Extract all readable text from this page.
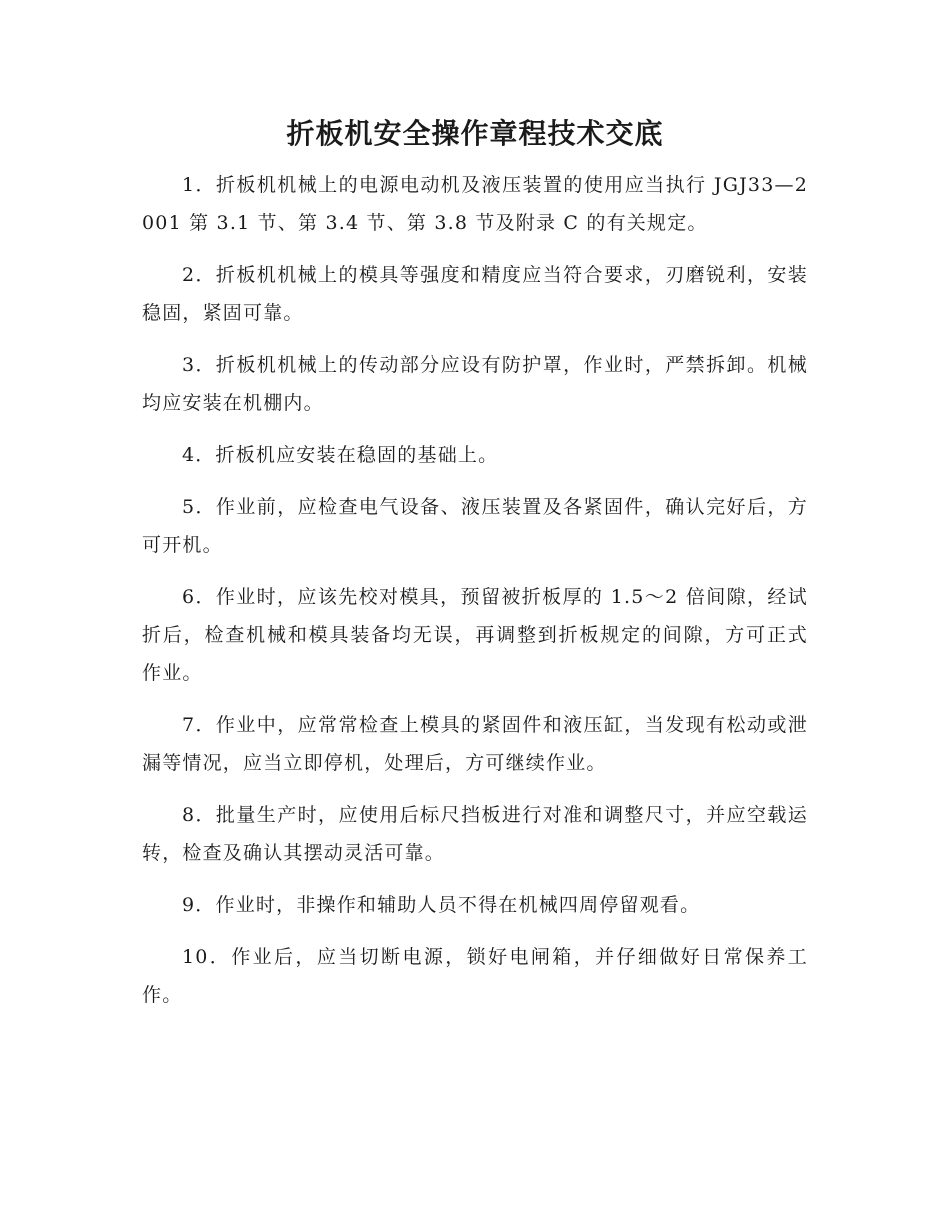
折板机安全操作章程技术交底

1．折板机机械上的电源电动机及液压装置的使用应当执行 JGJ33—2001 第 3.1 节、第 3.4 节、第 3.8 节及附录 C 的有关规定。

2．折板机机械上的模具等强度和精度应当符合要求，刃磨锐利，安装稳固，紧固可靠。

3．折板机机械上的传动部分应设有防护罩，作业时，严禁拆卸。机械均应安装在机棚内。

4．折板机应安装在稳固的基础上。

5．作业前，应检查电气设备、液压装置及各紧固件，确认完好后，方可开机。

6．作业时，应该先校对模具，预留被折板厚的 1.5～2 倍间隙，经试折后，检查机械和模具装备均无误，再调整到折板规定的间隙，方可正式作业。

7．作业中，应常常检查上模具的紧固件和液压缸，当发现有松动或泄漏等情况，应当立即停机，处理后，方可继续作业。

8．批量生产时，应使用后标尺挡板进行对准和调整尺寸，并应空载运转，检查及确认其摆动灵活可靠。

9．作业时，非操作和辅助人员不得在机械四周停留观看。

10．作业后，应当切断电源，锁好电闸箱，并仔细做好日常保养工作。
